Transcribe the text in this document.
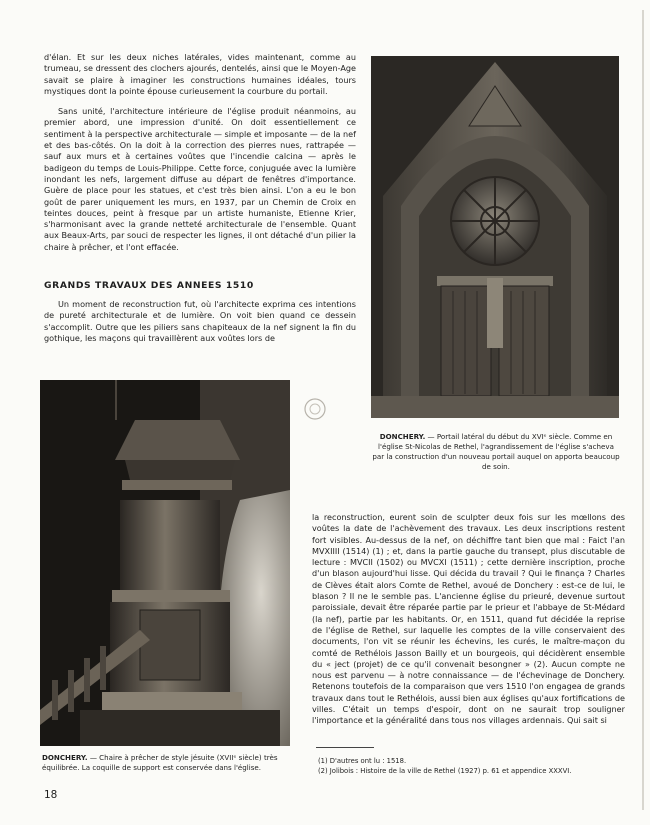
d'élan. Et sur les deux niches latérales, vides maintenant, comme au trumeau, se dressent des clochers ajourés, dentelés, ainsi que le Moyen-Age savait se plaire à imaginer les constructions humaines idéales, tours mystiques dont la pointe épouse curieusement la courbure du portail.

Sans unité, l'architecture intérieure de l'église produit néanmoins, au premier abord, une impression d'unité. On doit essentiellement ce sentiment à la perspective architecturale — simple et imposante — de la nef et des bas-côtés. On la doit à la correction des pierres nues, rattrapée — sauf aux murs et à certaines voûtes que l'incendie calcina — après le badigeon du temps de Louis-Philippe. Cette force, conjuguée avec la lumière inondant les nefs, largement diffuse au départ de fenêtres d'importance. Guère de place pour les statues, et c'est très bien ainsi. L'on a eu le bon goût de parer uniquement les murs, en 1937, par un Chemin de Croix en teintes douces, peint à fresque par un artiste humaniste, Etienne Krier, s'harmonisant avec la grande netteté architecturale de l'ensemble. Quant aux Beaux-Arts, par souci de respecter les lignes, il ont détaché d'un pilier la chaire à prêcher, et l'ont effacée.

GRANDS TRAVAUX DES ANNEES 1510

Un moment de reconstruction fut, où l'architecte exprima ces intentions de pureté architecturale et de lumière. On voit bien quand ce dessein s'accomplit. Outre que les piliers sans chapiteaux de la nef signent la fin du gothique, les maçons qui travaillèrent aux voûtes lors de

DONCHERY. — Portail latéral du début du XVIᵉ siècle. Comme en l'église St-Nicolas de Rethel, l'agrandissement de l'église s'acheva par la construction d'un nouveau portail auquel on apporta beaucoup de soin.
DONCHERY. — Chaire à prêcher de style jésuite (XVIIᵉ siècle) très équilibrée. La coquille de support est conservée dans l'église.

la reconstruction, eurent soin de sculpter deux fois sur les mœllons des voûtes la date de l'achèvement des travaux. Les deux inscriptions restent fort visibles. Au-dessus de la nef, on déchiffre tant bien que mal : Faict l'an MVXIIII (1514) (1) ; et, dans la partie gauche du transept, plus discutable de lecture : MVCII (1502) ou MVCXI (1511) ; cette dernière inscription, proche d'un blason aujourd'hui lisse. Qui décida du travail ? Qui le finança ? Charles de Clèves était alors Comte de Rethel, avoué de Donchery : est-ce de lui, le blason ? Il ne le semble pas. L'ancienne église du prieuré, devenue surtout paroissiale, devait être réparée partie par le prieur et l'abbaye de St-Médard (la nef), partie par les habitants. Or, en 1511, quand fut décidée la reprise de l'église de Rethel, sur laquelle les comptes de la ville conservaient des documents, l'on vit se réunir les échevins, les curés, le maître-maçon du comté de Rethélois Jasson Bailly et un bourgeois, qui décidèrent ensemble du « ject (projet) de ce qu'il convenait besongner » (2). Aucun compte ne nous est parvenu — à notre connaissance — de l'échevinage de Donchery. Retenons toutefois de la comparaison que vers 1510 l'on engagea de grands travaux dans tout le Rethélois, aussi bien aux églises qu'aux fortifications de villes. C'était un temps d'espoir, dont on ne saurait trop souligner l'importance et la généralité dans tous nos villages ardennais. Qui sait si

(1) D'autres ont lu : 1518.
(2) Jolibois : Histoire de la ville de Rethel (1927) p. 61 et appendice XXXVI.
18
